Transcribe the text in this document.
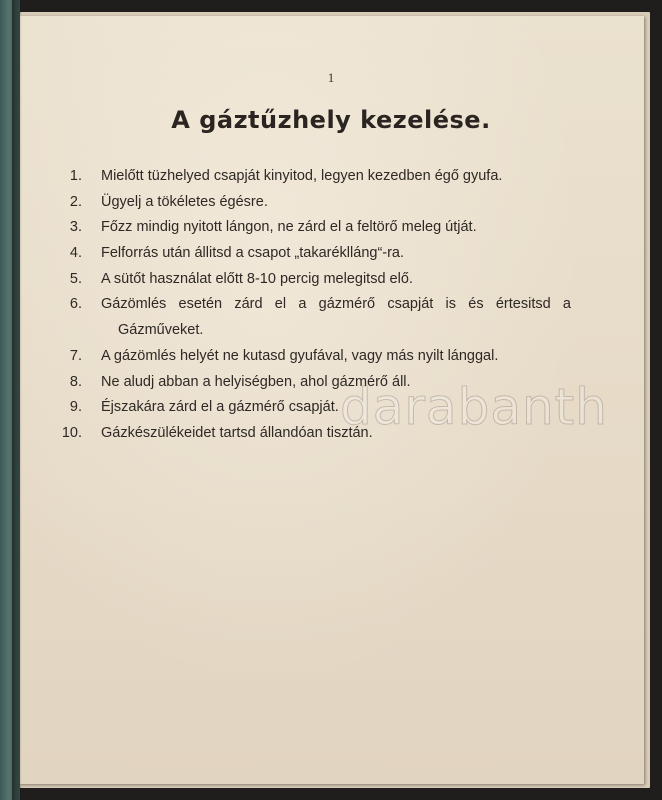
1
A gáztűzhely kezelése.
1. Mielőtt tüzhelyed csapját kinyitod, legyen kezedben égő gyufa.
2. Ügyelj a tökéletes égésre.
3. Főzz mindig nyitott lángon, ne zárd el a feltörő meleg útját.
4. Felforrás után állitsd a csapot „takaréklláng“-ra.
5. A sütőt használat előtt 8-10 percig melegitsd elő.
6. Gázömlés esetén zárd el a gázmérő csapját is és értesitsd a
Gázműveket.
7. A gázömlés helyét ne kutasd gyufával, vagy más nyilt lánggal.
8. Ne aludj abban a helyiségben, ahol gázmérő áll.
9. Éjszakára zárd el a gázmérő csapját.
10. Gázkészülékeidet tartsd állandóan tisztán.
darabanth
